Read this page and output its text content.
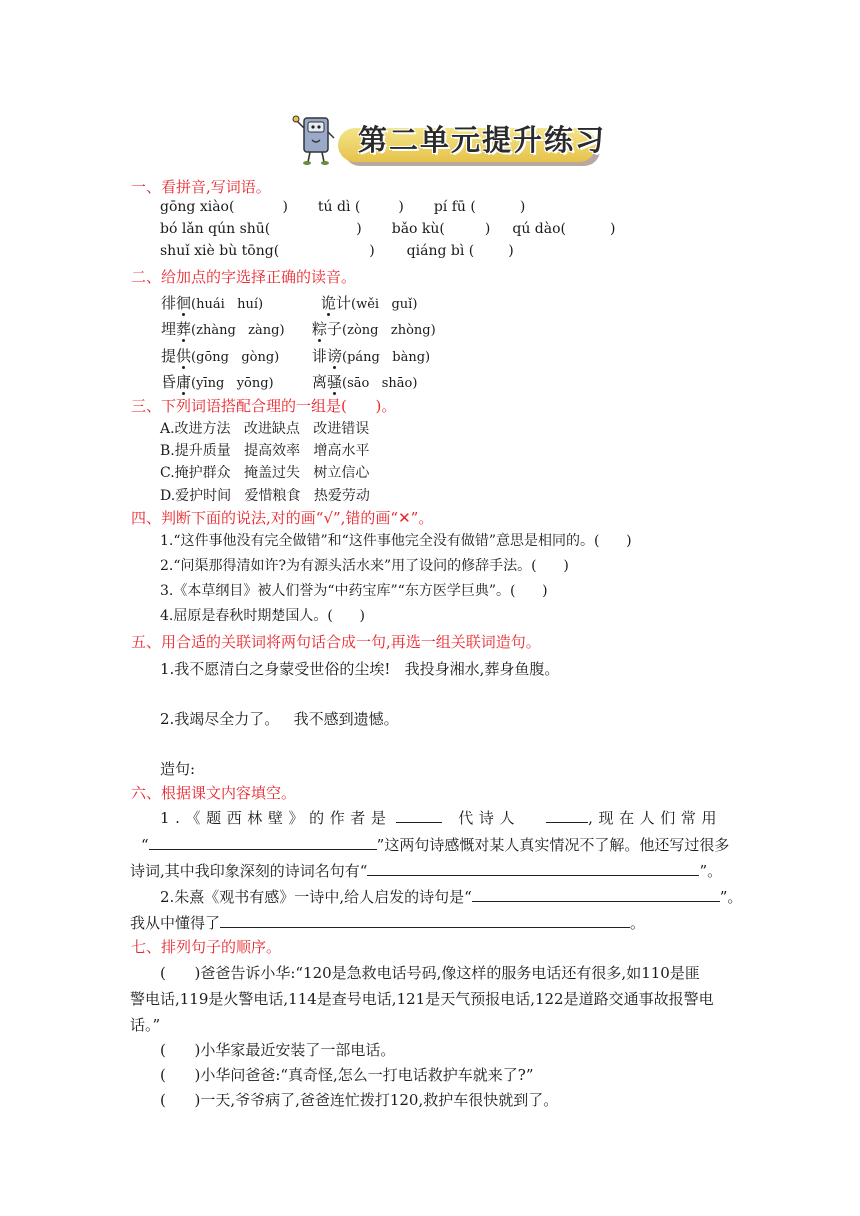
第二单元提升练习
一、看拼音,写词语。
gōng xiào(	) tú dì (	) pí fū (	)
bó lǎn qún shū(	) bǎo kù(	) qú dào(	)
shuǐ xiè bù tōng(	) qiáng bì ( )
二、给加点的字选择正确的读音。
徘徊(huái   huí)	诡计(wěi   guǐ)
埋葬(zhàng   zàng) 粽子(zòng   zhòng)
提供(gōng   gòng) 诽谤(páng   bàng)
昏庸(yīng   yōng)	离骚(sāo   shāo)
三、下列词语搭配合理的一组是(      )。
A.改进方法   改进缺点   改进错误
B.提升质量   提高效率   增高水平
C.掩护群众   掩盖过失   树立信心
D.爱护时间   爱惜粮食   热爱劳动
四、判断下面的说法,对的画“√”,错的画“✕”。
1.“这件事他没有完全做错”和“这件事他完全没有做错”意思是相同的。(      )
2.“问渠那得清如许?为有源头活水来”用了设问的修辞手法。(      )
3.《本草纲目》被人们誉为“中药宝库”“东方医学巨典”。(      )
4.屈原是春秋时期楚国人。(      )
五、用合适的关联词将两句话合成一句,再选一组关联词造句。
1.我不愿清白之身蒙受世俗的尘埃!   我投身湘水,葬身鱼腹。
2.我竭尽全力了。   我不感到遗憾。
造句:
六、根据课文内容填空。
1.《题西林壁》的作者是	代诗人	,现在人们常用
“	”这两句诗感慨对某人真实情况不了解。他还写过很多
诗词,其中我印象深刻的诗词名句有“	”。
2.朱熹《观书有感》一诗中,给人启发的诗句是“	”。
我从中懂得了	。
七、排列句子的顺序。
(      )爸爸告诉小华:“120是急救电话号码,像这样的服务电话还有很多,如110是匪
警电话,119是火警电话,114是查号电话,121是天气预报电话,122是道路交通事故报警电
话。”
(      )小华家最近安装了一部电话。
(      )小华问爸爸:“真奇怪,怎么一打电话救护车就来了?”
(      )一天,爷爷病了,爸爸连忙拨打120,救护车很快就到了。
